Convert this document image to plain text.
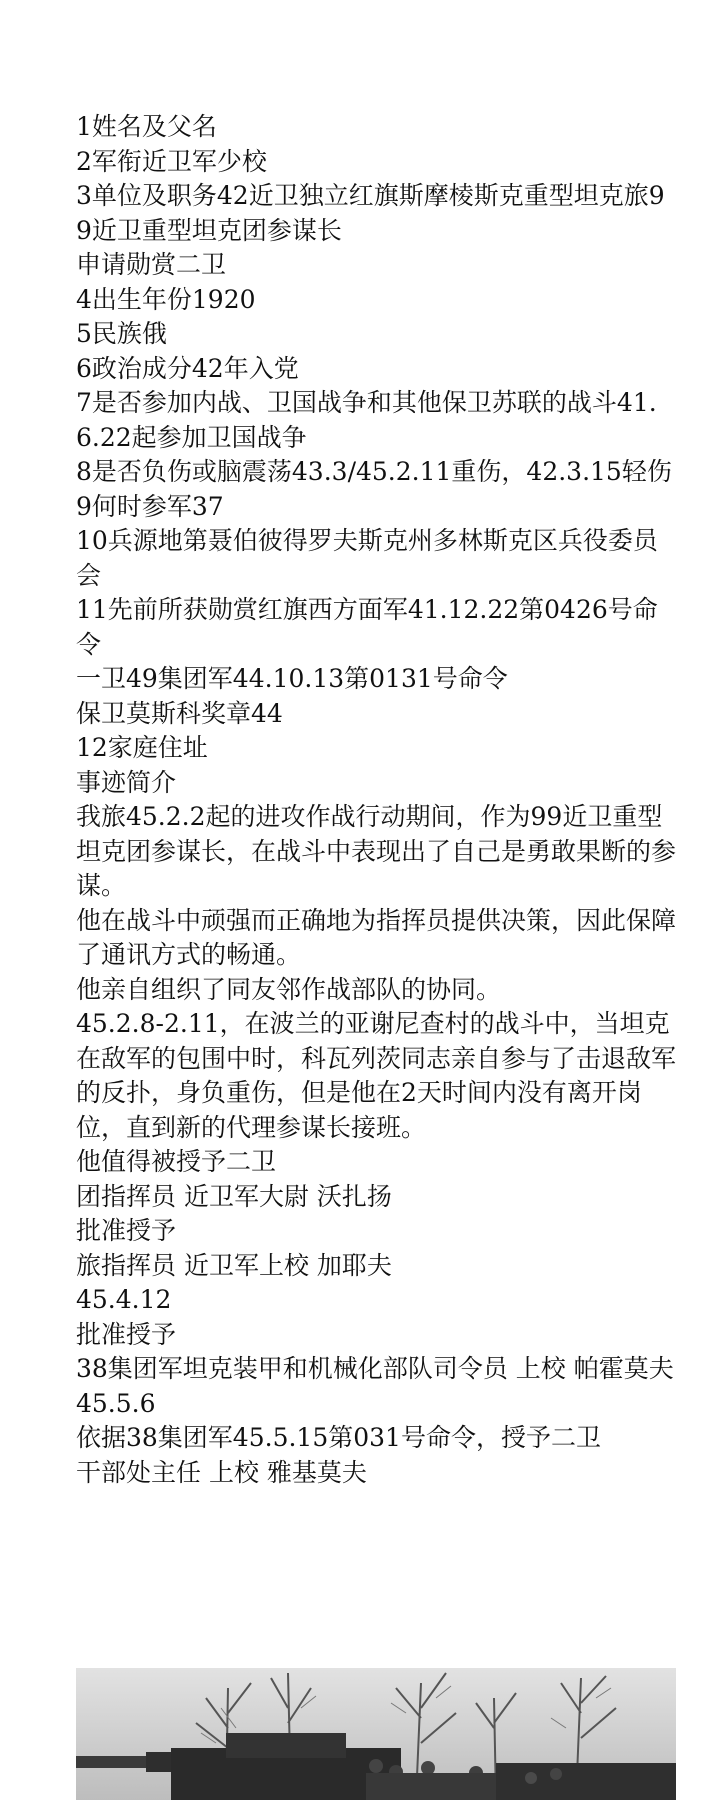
1姓名及父名

2军衔近卫军少校

3单位及职务42近卫独立红旗斯摩棱斯克重型坦克旅99近卫重型坦克团参谋长

申请勋赏二卫

4出生年份1920

5民族俄

6政治成分42年入党

7是否参加内战、卫国战争和其他保卫苏联的战斗41.6.22起参加卫国战争

8是否负伤或脑震荡43.3/45.2.11重伤，42.3.15轻伤

9何时参军37

10兵源地第聂伯彼得罗夫斯克州多林斯克区兵役委员会

11先前所获勋赏红旗西方面军41.12.22第0426号命令

一卫49集团军44.10.13第0131号命令

保卫莫斯科奖章44

12家庭住址

事迹简介

我旅45.2.2起的进攻作战行动期间，作为99近卫重型坦克团参谋长，在战斗中表现出了自己是勇敢果断的参谋。

他在战斗中顽强而正确地为指挥员提供决策，因此保障了通讯方式的畅通。

他亲自组织了同友邻作战部队的协同。

45.2.8-2.11，在波兰的亚谢尼查村的战斗中，当坦克在敌军的包围中时，科瓦列茨同志亲自参与了击退敌军的反扑，身负重伤，但是他在2天时间内没有离开岗位，直到新的代理参谋长接班。

他值得被授予二卫

团指挥员 近卫军大尉 沃扎扬

批准授予

旅指挥员 近卫军上校 加耶夫

45.4.12

批准授予

38集团军坦克装甲和机械化部队司令员 上校 帕霍莫夫

45.5.6

依据38集团军45.5.15第031号命令，授予二卫

干部处主任 上校 雅基莫夫
